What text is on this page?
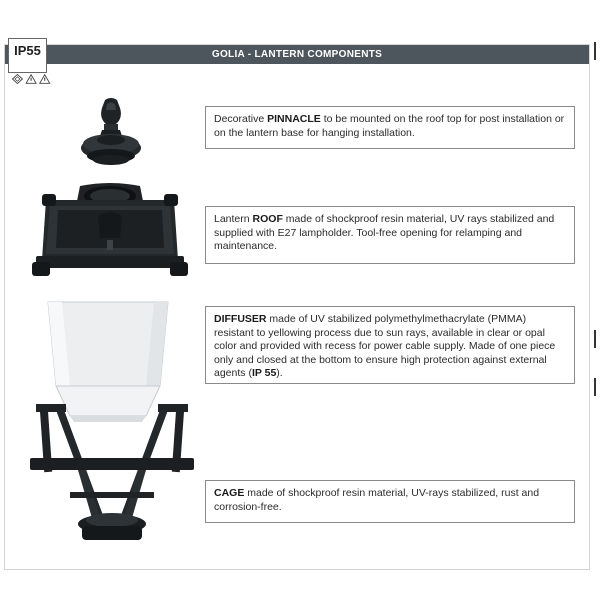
GOLIA - LANTERN COMPONENTS
IP55
Decorative PINNACLE to be mounted on the roof top for post installation or on the lantern base for hanging installation.
Lantern ROOF made of shockproof resin material, UV rays stabilized and supplied with E27 lampholder. Tool-free opening for relamping and maintenance.
DIFFUSER made of UV stabilized polymethylmethacrylate (PMMA) resistant to yellowing process due to sun rays, available in clear or opal color and provided with recess for power cable supply. Made of one piece only and closed at the bottom to ensure high protection against external agents (IP 55).
CAGE made of shockproof resin material, UV-rays stabilized, rust and corrosion-free.
